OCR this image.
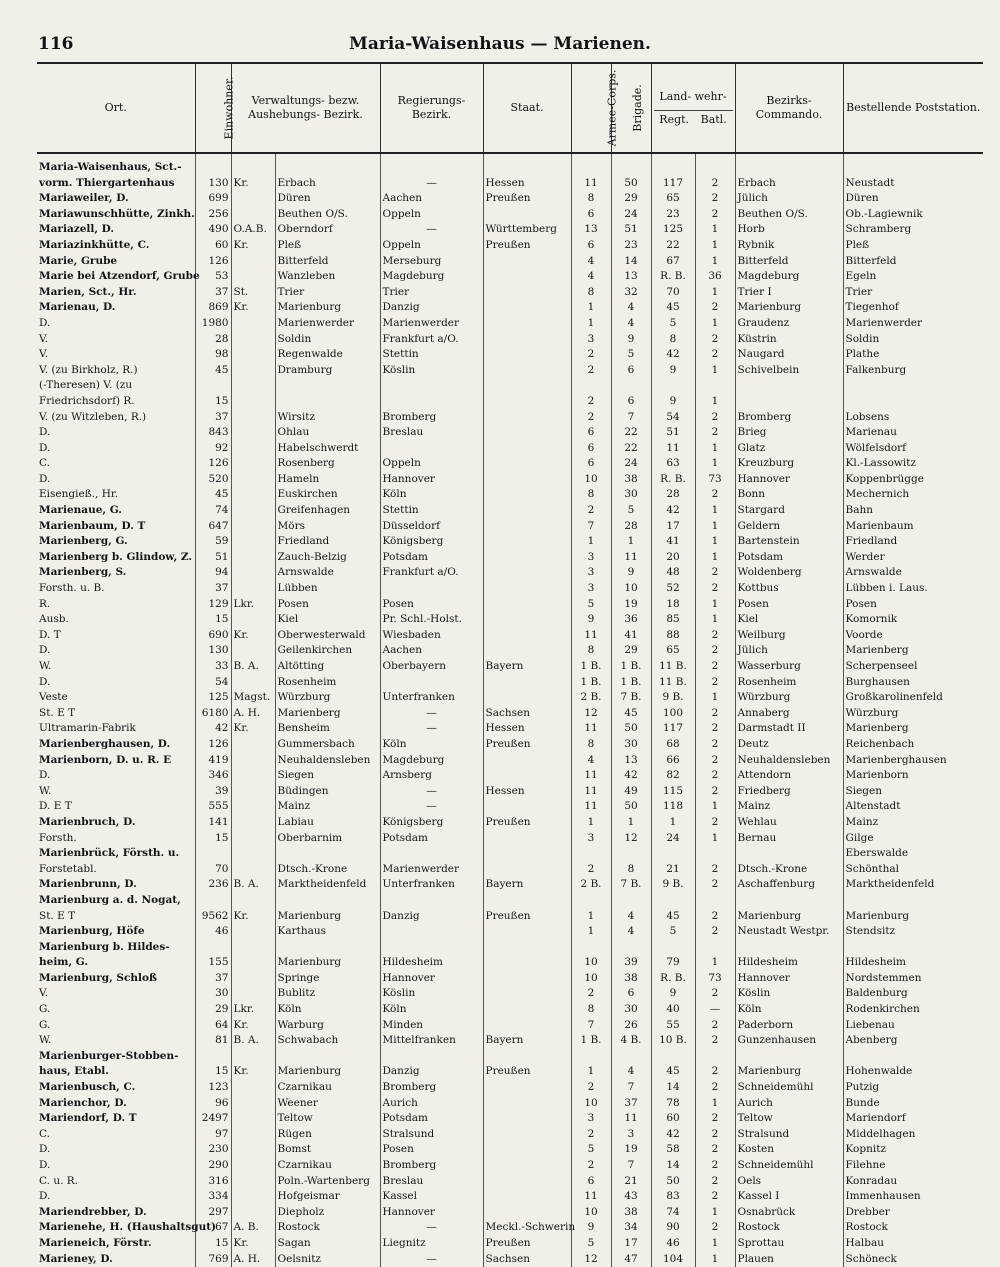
116	Maria-Waisenhaus — Marienen.
Ort.	Einwohner.	Verwaltungs- bezw. Aushebungs- Bezirk.		Regierungs- Bezirk.	Staat.	Armee-Corps.	Brigade.	Land- wehr-
Regt. Batl.		Bezirks- Commando.	Bestellende Poststation.
Maria-Waisenhaus, Sct.-											
vorm. Thiergartenhaus	130	Kr.	Erbach	—	Hessen	11	50	117	2	Erbach	Neustadt
Mariaweiler, D.	699		Düren	Aachen	Preußen	8	29	65	2	Jülich	Düren
Mariawunschhütte, Zinkh.	256		Beuthen O/S.	Oppeln		6	24	23	2	Beuthen O/S.	Ob.-Lagiewnik
Mariazell, D.	490	O.A.B.	Oberndorf	—	Württemberg	13	51	125	1	Horb	Schramberg
Mariazinkhütte, C.	60	Kr.	Pleß	Oppeln	Preußen	6	23	22	1	Rybnik	Pleß
Marie, Grube	126		Bitterfeld	Merseburg		4	14	67	1	Bitterfeld	Bitterfeld
Marie bei Atzendorf, Grube	53		Wanzleben	Magdeburg		4	13	R. B.	36	Magdeburg	Egeln
Marien, Sct., Hr.	37	St.	Trier	Trier		8	32	70	1	Trier I	Trier
Marienau, D.	869	Kr.	Marienburg	Danzig		1	4	45	2	Marienburg	Tiegenhof
D.	1980		Marienwerder	Marienwerder		1	4	5	1	Graudenz	Marienwerder
V.	28		Soldin	Frankfurt a/O.		3	9	8	2	Küstrin	Soldin
V.	98		Regenwalde	Stettin		2	5	42	2	Naugard	Plathe
V. (zu Birkholz, R.)	45		Dramburg	Köslin		2	6	9	1	Schivelbein	Falkenburg
(-Theresen) V. (zu											
Friedrichsdorf) R.	15					2	6	9	1		
V. (zu Witzleben, R.)	37		Wirsitz	Bromberg		2	7	54	2	Bromberg	Lobsens
D.	843		Ohlau	Breslau		6	22	51	2	Brieg	Marienau
D.	92		Habelschwerdt			6	22	11	1	Glatz	Wölfelsdorf
C.	126		Rosenberg	Oppeln		6	24	63	1	Kreuzburg	Kl.-Lassowitz
D.	520		Hameln	Hannover		10	38	R. B.	73	Hannover	Koppenbrügge
Eisengieß., Hr.	45		Euskirchen	Köln		8	30	28	2	Bonn	Mechernich
Marienaue, G.	74		Greifenhagen	Stettin		2	5	42	1	Stargard	Bahn
Marienbaum, D. T	647		Mörs	Düsseldorf		7	28	17	1	Geldern	Marienbaum
Marienberg, G.	59		Friedland	Königsberg		1	1	41	1	Bartenstein	Friedland
Marienberg b. Glindow, Z.	51		Zauch-Belzig	Potsdam		3	11	20	1	Potsdam	Werder
Marienberg, S.	94		Arnswalde	Frankfurt a/O.		3	9	48	2	Woldenberg	Arnswalde
Forsth. u. B.	37		Lübben			3	10	52	2	Kottbus	Lübben i. Laus.
R.	129	Lkr.	Posen	Posen		5	19	18	1	Posen	Posen
Ausb.	15		Kiel	Pr. Schl.-Holst.		9	36	85	1	Kiel	Komornik
D. T	690	Kr.	Oberwesterwald	Wiesbaden		11	41	88	2	Weilburg	Voorde
D.	130		Geilenkirchen	Aachen		8	29	65	2	Jülich	Marienberg
W.	33	B. A.	Altötting	Oberbayern	Bayern	1 B.	1 B.	11 B.	2	Wasserburg	Scherpenseel
D.	54		Rosenheim			1 B.	1 B.	11 B.	2	Rosenheim	Burghausen
Veste	125	Magst.	Würzburg	Unterfranken		2 B.	7 B.	9 B.	1	Würzburg	Großkarolinenfeld
St. E T	6180	A. H.	Marienberg	—	Sachsen	12	45	100	2	Annaberg	Würzburg
Ultramarin-Fabrik	42	Kr.	Bensheim	—	Hessen	11	50	117	2	Darmstadt II	Marienberg
Marienberghausen, D.	126		Gummersbach	Köln	Preußen	8	30	68	2	Deutz	Reichenbach
Marienborn, D. u. R. E	419		Neuhaldensleben	Magdeburg		4	13	66	2	Neuhaldensleben	Marienberghausen
D.	346		Siegen	Arnsberg		11	42	82	2	Attendorn	Marienborn
W.	39		Büdingen	—	Hessen	11	49	115	2	Friedberg	Siegen
D. E T	555		Mainz	—		11	50	118	1	Mainz	Altenstadt
Marienbruch, D.	141		Labiau	Königsberg	Preußen	1	1	1	2	Wehlau	Mainz
Forsth.	15		Oberbarnim	Potsdam		3	12	24	1	Bernau	Gilge
Marienbrück, Försth. u.											Eberswalde
Forstetabl.	70		Dtsch.-Krone	Marienwerder		2	8	21	2	Dtsch.-Krone	Schönthal
Marienbrunn, D.	236	B. A.	Marktheidenfeld	Unterfranken	Bayern	2 B.	7 B.	9 B.	2	Aschaffenburg	Marktheidenfeld
Marienburg a. d. Nogat,											
St. E T	9562	Kr.	Marienburg	Danzig	Preußen	1	4	45	2	Marienburg	Marienburg
Marienburg, Höfe	46		Karthaus			1	4	5	2	Neustadt Westpr.	Stendsitz
Marienburg b. Hildes-											
heim, G.	155		Marienburg	Hildesheim		10	39	79	1	Hildesheim	Hildesheim
Marienburg, Schloß	37		Springe	Hannover		10	38	R. B.	73	Hannover	Nordstemmen
V.	30		Bublitz	Köslin		2	6	9	2	Köslin	Baldenburg
G.	29	Lkr.	Köln	Köln		8	30	40	—	Köln	Rodenkirchen
G.	64	Kr.	Warburg	Minden		7	26	55	2	Paderborn	Liebenau
W.	81	B. A.	Schwabach	Mittelfranken	Bayern	1 B.	4 B.	10 B.	2	Gunzenhausen	Abenberg
Marienburger-Stobben-											
haus, Etabl.	15	Kr.	Marienburg	Danzig	Preußen	1	4	45	2	Marienburg	Hohenwalde
Marienbusch, C.	123		Czarnikau	Bromberg		2	7	14	2	Schneidemühl	Putzig
Marienchor, D.	96		Weener	Aurich		10	37	78	1	Aurich	Bunde
Mariendorf, D. T	2497		Teltow	Potsdam		3	11	60	2	Teltow	Mariendorf
C.	97		Rügen	Stralsund		2	3	42	2	Stralsund	Middelhagen
D.	230		Bomst	Posen		5	19	58	2	Kosten	Kopnitz
D.	290		Czarnikau	Bromberg		2	7	14	2	Schneidemühl	Filehne
C. u. R.	316		Poln.-Wartenberg	Breslau		6	21	50	2	Oels	Konradau
D.	334		Hofgeismar	Kassel		11	43	83	2	Kassel I	Immenhausen
Mariendrebber, D.	297		Diepholz	Hannover		10	38	74	1	Osnabrück	Drebber
Marienehe, H. (Haushaltsgut)	67	A. B.	Rostock	—	Meckl.-Schwerin	9	34	90	2	Rostock	Rostock
Marieneich, Förstr.	15	Kr.	Sagan	Liegnitz	Preußen	5	17	46	1	Sprottau	Halbau
Marieney, D.	769	A. H.	Oelsnitz	—	Sachsen	12	47	104	1	Plauen	Schöneck
